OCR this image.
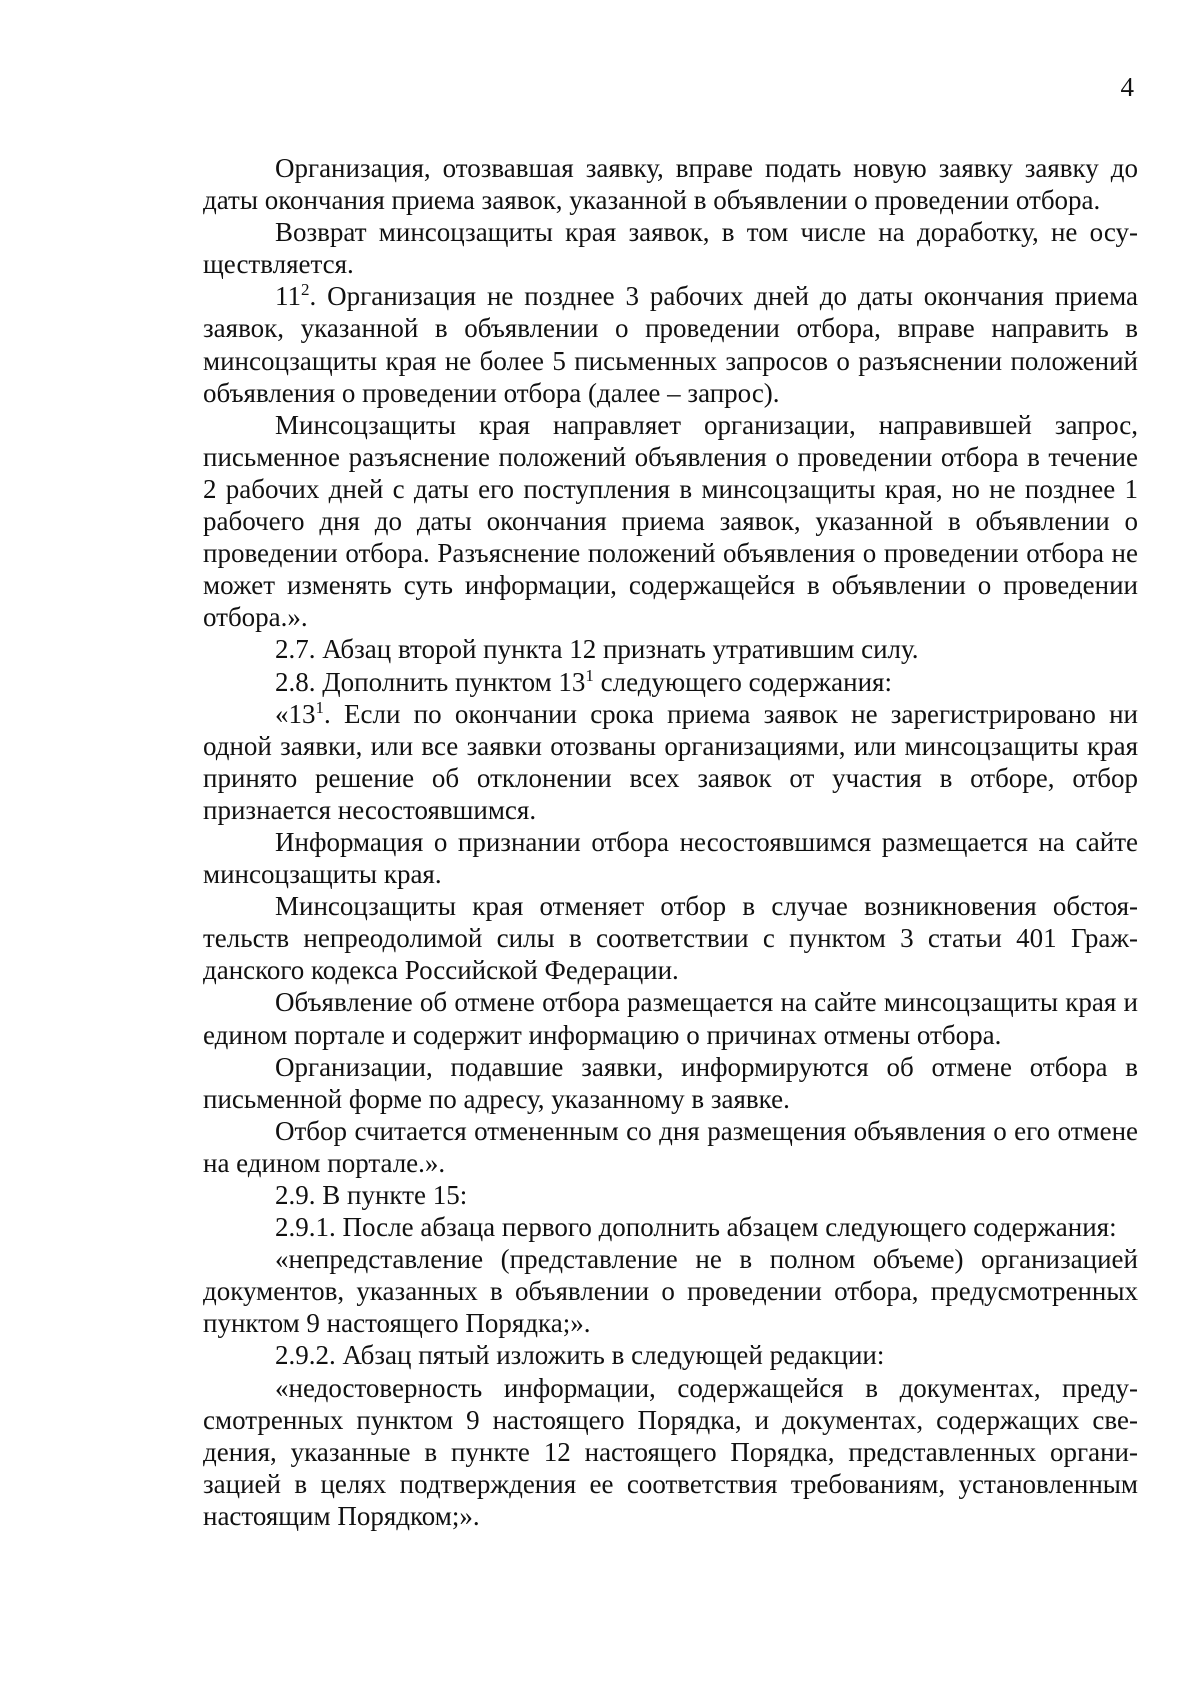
4

Организация, отозвавшая заявку, вправе подать новую заявку заявку до даты окончания приема заявок, указанной в объявлении о проведении отбора.

Возврат минсоцзащиты края заявок, в том числе на доработку, не осуществляется.

$11^2$. Организация не позднее 3 рабочих дней до даты окончания приема заявок, указанной в объявлении о проведении отбора, вправе направить в минсоцзащиты края не более 5 письменных запросов о разъяснении положений объявления о проведении отбора (далее – запрос).

Минсоцзащиты края направляет организации, направившей запрос, письменное разъяснение положений объявления о проведении отбора в течение 2 рабочих дней с даты его поступления в минсоцзащиты края, но не позднее 1 рабочего дня до даты окончания приема заявок, указанной в объявлении о проведении отбора. Разъяснение положений объявления о проведении отбора не может изменять суть информации, содержащейся в объявлении о проведении отбора.».

2.7. Абзац второй пункта 12 признать утратившим силу.

2.8. Дополнить пунктом $13^1$ следующего содержания:

«$13^1$. Если по окончании срока приема заявок не зарегистрировано ни одной заявки, или все заявки отозваны организациями, или минсоцзащиты края принято решение об отклонении всех заявок от участия в отборе, отбор признается несостоявшимся.

Информация о признании отбора несостоявшимся размещается на сайте минсоцзащиты края.

Минсоцзащиты края отменяет отбор в случае возникновения обстоятельств непреодолимой силы в соответствии с пунктом 3 статьи 401 Гражданского кодекса Российской Федерации.

Объявление об отмене отбора размещается на сайте минсоцзащиты края и едином портале и содержит информацию о причинах отмены отбора.

Организации, подавшие заявки, информируются об отмене отбора в письменной форме по адресу, указанному в заявке.

Отбор считается отмененным со дня размещения объявления о его отмене на едином портале.».

2.9. В пункте 15:

2.9.1. После абзаца первого дополнить абзацем следующего содержания:

«непредставление (представление не в полном объеме) организацией документов, указанных в объявлении о проведении отбора, предусмотренных пунктом 9 настоящего Порядка;».

2.9.2. Абзац пятый изложить в следующей редакции:

«недостоверность информации, содержащейся в документах, предусмотренных пунктом 9 настоящего Порядка, и документах, содержащих сведения, указанные в пункте 12 настоящего Порядка, представленных организацией в целях подтверждения ее соответствия требованиям, установленным настоящим Порядком;».
